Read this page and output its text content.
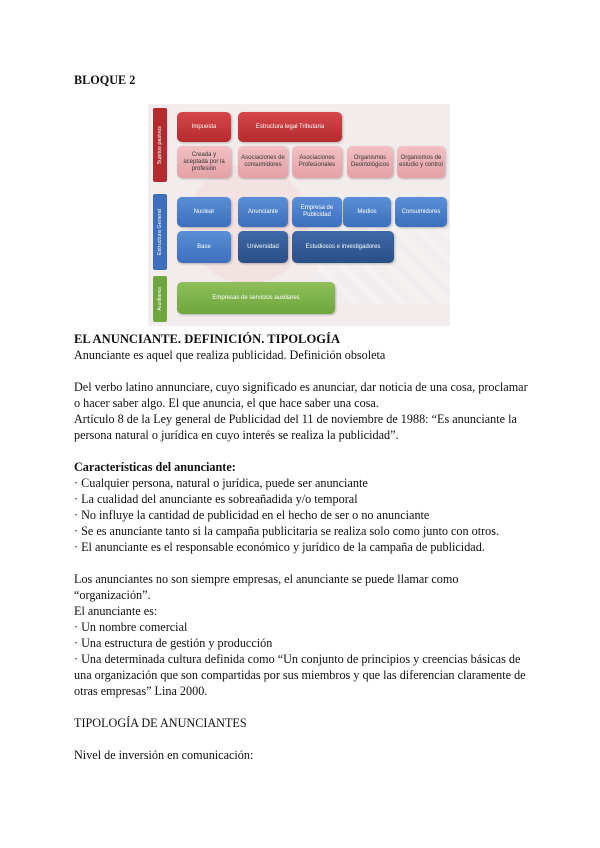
BLOQUE 2
Sujetos pasivos
Estructura General
Auxiliares
Impuesta	Estructura legal Tributaria
Creada y aceptada por la profesión
Asociaciones de consumidores
Asociaciones Profesionales
Organismos Deontológicos
Organismos de estudio y control
Nuclear	Anunciante
Empresa de Publicidad
Medios	Consumidores
Base	Universidad	Estudiosos e investigadores
Empresas de servicios auxiliares
EL ANUNCIANTE. DEFINICIÓN. TIPOLOGÍA
Anunciante es aquel que realiza publicidad. Definición obsoleta
Del verbo latino annunciare, cuyo significado es anunciar, dar noticia de una cosa, proclamar
o hacer saber algo. El que anuncia, el que hace saber una cosa.
Artículo 8 de la Ley general de Publicidad del 11 de noviembre de 1988: “Es anunciante la
persona natural o jurídica en cuyo interés se realiza la publicidad”.
Características del anunciante:
· Cualquier persona, natural o jurídica, puede ser anunciante
· La cualidad del anunciante es sobreañadida y/o temporal
· No influye la cantidad de publicidad en el hecho de ser o no anunciante
· Se es anunciante tanto si la campaña publicitaria se realiza solo como junto con otros.
· El anunciante es el responsable económico y jurídico de la campaña de publicidad.
Los anunciantes no son siempre empresas, el anunciante se puede llamar como
“organización”.
El anunciante es:
· Un nombre comercial
· Una estructura de gestión y producción
· Una determinada cultura definida como “Un conjunto de principios y creencias básicas de
una organización que son compartidas por sus miembros y que las diferencian claramente de
otras empresas” Lina 2000.
TIPOLOGÍA DE ANUNCIANTES
Nivel de inversión en comunicación:
